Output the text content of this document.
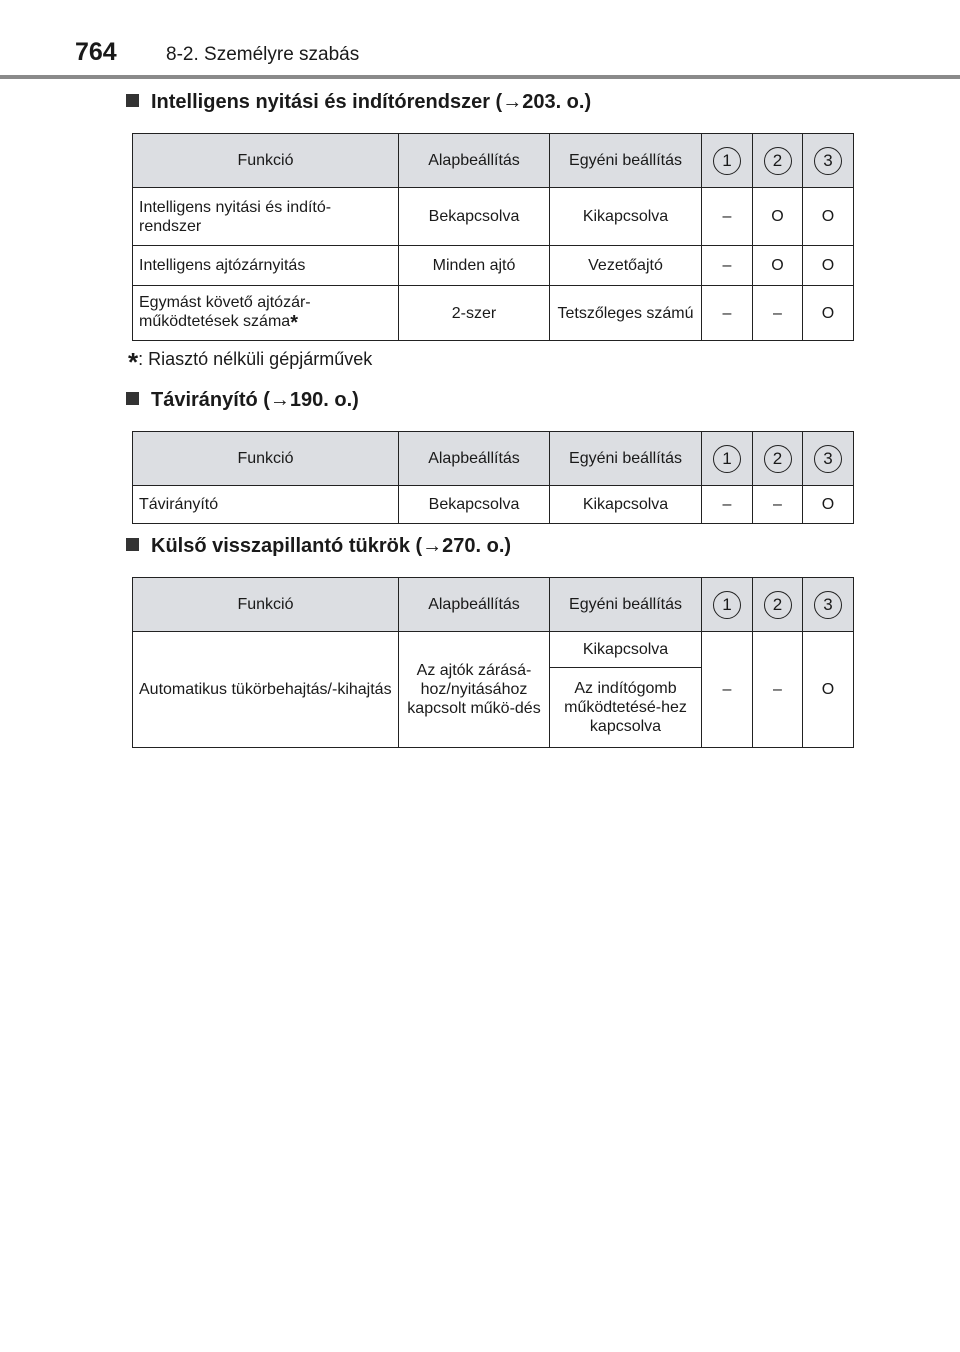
764	8-2. Személyre szabás
Intelligens nyitási és indítórendszer (→203. o.)
Funkció	Alapbeállítás	Egyéni beállítás	1	2	3
Intelligens nyitási és indító-rendszer	Bekapcsolva	Kikapcsolva	–	O	O
Intelligens ajtózárnyitás	Minden ajtó	Vezetőajtó	–	O	O
Egymást követő ajtózár-működtetések száma*	2-szer	Tetszőleges számú	–	–	O
*: Riasztó nélküli gépjárművek
Távirányító (→190. o.)
Funkció	Alapbeállítás	Egyéni beállítás	1	2	3
Távirányító	Bekapcsolva	Kikapcsolva	–	–	O
Külső visszapillantó tükrök (→270. o.)
Funkció	Alapbeállítás	Egyéni beállítás	1	2	3
Automatikus tükörbehajtás/-kihajtás	Az ajtók zárásá-hoz/nyitásához kapcsolt műkö-dés	Kikapcsolva	–	–	O
		Az indítógomb működtetésé-hez kapcsolva			
